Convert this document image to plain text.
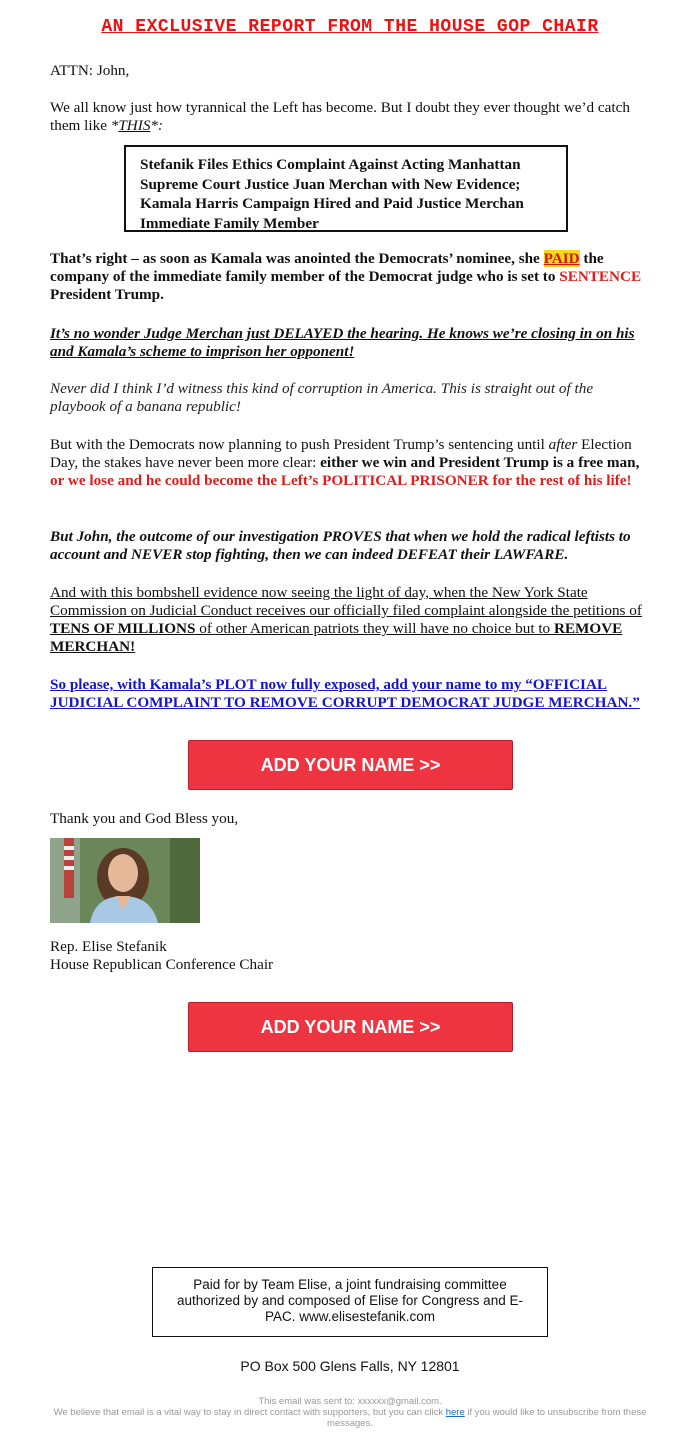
AN EXCLUSIVE REPORT FROM THE HOUSE GOP CHAIR
ATTN: John,
We all know just how tyrannical the Left has become. But I doubt they ever thought we’d catch them like *THIS*:
Stefanik Files Ethics Complaint Against Acting Manhattan Supreme Court Justice Juan Merchan with New Evidence; Kamala Harris Campaign Hired and Paid Justice Merchan Immediate Family Member
That’s right – as soon as Kamala was anointed the Democrats’ nominee, she PAID the company of the immediate family member of the Democrat judge who is set to SENTENCE President Trump.
It’s no wonder Judge Merchan just DELAYED the hearing. He knows we’re closing in on his and Kamala’s scheme to imprison her opponent!
Never did I think I’d witness this kind of corruption in America. This is straight out of the playbook of a banana republic!
But with the Democrats now planning to push President Trump’s sentencing until after Election Day, the stakes have never been more clear: either we win and President Trump is a free man, or we lose and he could become the Left’s POLITICAL PRISONER for the rest of his life!
But John, the outcome of our investigation PROVES that when we hold the radical leftists to account and NEVER stop fighting, then we can indeed DEFEAT their LAWFARE.
And with this bombshell evidence now seeing the light of day, when the New York State Commission on Judicial Conduct receives our officially filed complaint alongside the petitions of TENS OF MILLIONS of other American patriots they will have no choice but to REMOVE MERCHAN!
So please, with Kamala’s PLOT now fully exposed, add your name to my “OFFICIAL JUDICIAL COMPLAINT TO REMOVE CORRUPT DEMOCRAT JUDGE MERCHAN.”
ADD YOUR NAME >>
Thank you and God Bless you,
Rep. Elise Stefanik
House Republican Conference Chair
ADD YOUR NAME >>
Paid for by Team Elise, a joint fundraising committee authorized by and composed of Elise for Congress and E-PAC. www.elisestefanik.com
PO Box 500 Glens Falls, NY 12801
This email was sent to: xxxxxx@gmail.com.
We believe that email is a vital way to stay in direct contact with supporters, but you can click here if you would like to unsubscribe from these messages.
